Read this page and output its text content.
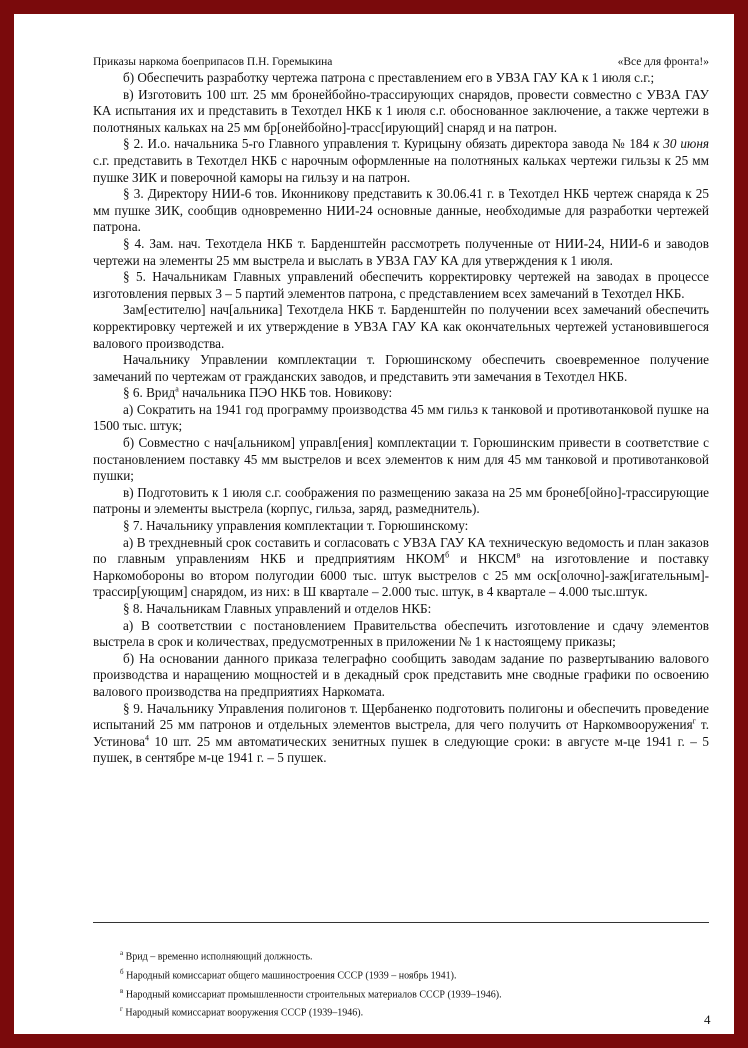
Приказы наркома боеприпасов П.Н. Горемыкина	«Все для фронта!»

б) Обеспечить разработку чертежа патрона с преставлением его в УВЗА ГАУ КА к 1 июля с.г.;

в) Изготовить 100 шт. 25 мм бронейбойно-трассирующих снарядов, провести совместно с УВЗА ГАУ КА испытания их и представить в Техотдел НКБ к 1 июля с.г. обоснованное заключение, а также чертежи в полотняных кальках на 25 мм бр[онейбойно]-трасс[ирующий] снаряд и на патрон.

§ 2. И.о. начальника 5-го Главного управления т. Курицыну обязать директора завода № 184 к 30 июня с.г. представить в Техотдел НКБ с нарочным оформленные на полотняных кальках чертежи гильзы к 25 мм пушке ЗИК и поверочной каморы на гильзу и на патрон.

§ 3. Директору НИИ-6 тов. Иконникову представить к 30.06.41 г. в Техотдел НКБ чертеж снаряда к 25 мм пушке ЗИК, сообщив одновременно НИИ-24 основные данные, необходимые для разработки чертежей патрона.

§ 4. Зам. нач. Техотдела НКБ т. Барденштейн рассмотреть полученные от НИИ-24, НИИ-6 и заводов чертежи на элементы 25 мм выстрела и выслать в УВЗА ГАУ КА для утверждения к 1 июля.

§ 5. Начальникам Главных управлений обеспечить корректировку чертежей на заводах в процессе изготовления первых 3 – 5 партий элементов патрона, с представлением всех замечаний в Техотдел НКБ.

Зам[естителю] нач[альника] Техотдела НКБ т. Барденштейн по получении всех замечаний обеспечить корректировку чертежей и их утверждение в УВЗА ГАУ КА как окончательных чертежей установившегося валового производства.

Начальнику Управлении комплектации т. Горюшинскому обеспечить своевременное получение замечаний по чертежам от гражданских заводов, и представить эти замечания в Техотдел НКБ.

§ 6. Врид$^а$ начальника ПЭО НКБ тов. Новикову:

а) Сократить на 1941 год программу производства 45 мм гильз к танковой и противотанковой пушке на 1500 тыс. штук;

б) Совместно с нач[альником] управл[ения] комплектации т. Горюшинским привести в соответствие с постановлением поставку 45 мм выстрелов и всех элементов к ним для 45 мм танковой и противотанковой пушки;

в) Подготовить к 1 июля с.г. соображения по размещению заказа на 25 мм бронеб[ойно]-трассирующие патроны и элементы выстрела (корпус, гильза, заряд, размеднитель).

§ 7. Начальнику управления комплектации т. Горюшинскому:

а) В трехдневный срок составить и согласовать с УВЗА ГАУ КА техническую ведомость и план заказов по главным управлениям НКБ и предприятиям $НКОМ^б$ и $НКСМ^в$ на изготовление и поставку Наркомобороны во втором полугодии 6000 тыс. штук выстрелов с 25 мм оск[олочно]-заж[игательным]-трассир[ующим] снарядом, из них: в Ш квартале – 2.000 тыс. штук, в 4 квартале – 4.000 тыс.штук.

§ 8. Начальникам Главных управлений и отделов НКБ:

а) В соответствии с постановлением Правительства обеспечить изготовление и сдачу элементов выстрела в срок и количествах, предусмотренных в приложении № 1 к настоящему приказы;

б) На основании данного приказа телеграфно сообщить заводам задание по развертыванию валового производства и наращению мощностей и в декадный срок представить мне сводные графики по освоению валового производства на предприятиях Наркомата.

§ 9. Начальнику Управления полигонов т. Щербаненко подготовить полигоны и обеспечить проведение испытаний 25 мм патронов и отдельных элементов выстрела, для чего получить от Наркомвооружения$^г$ т. Устинова$^4$ 10 шт. 25 мм автоматических зенитных пушек в следующие сроки: в августе м-це 1941 г. – 5 пушек, в сентябре м-це 1941 г. – 5 пушек.

$^а$ Врид – временно исполняющий должность.
$^б$ Народный комиссариат общего машиностроения СССР (1939 – ноябрь 1941).
$^в$ Народный комиссариат промышленности строительных материалов СССР (1939–1946).
$^г$ Народный комиссариат вооружения СССР (1939–1946).	4
